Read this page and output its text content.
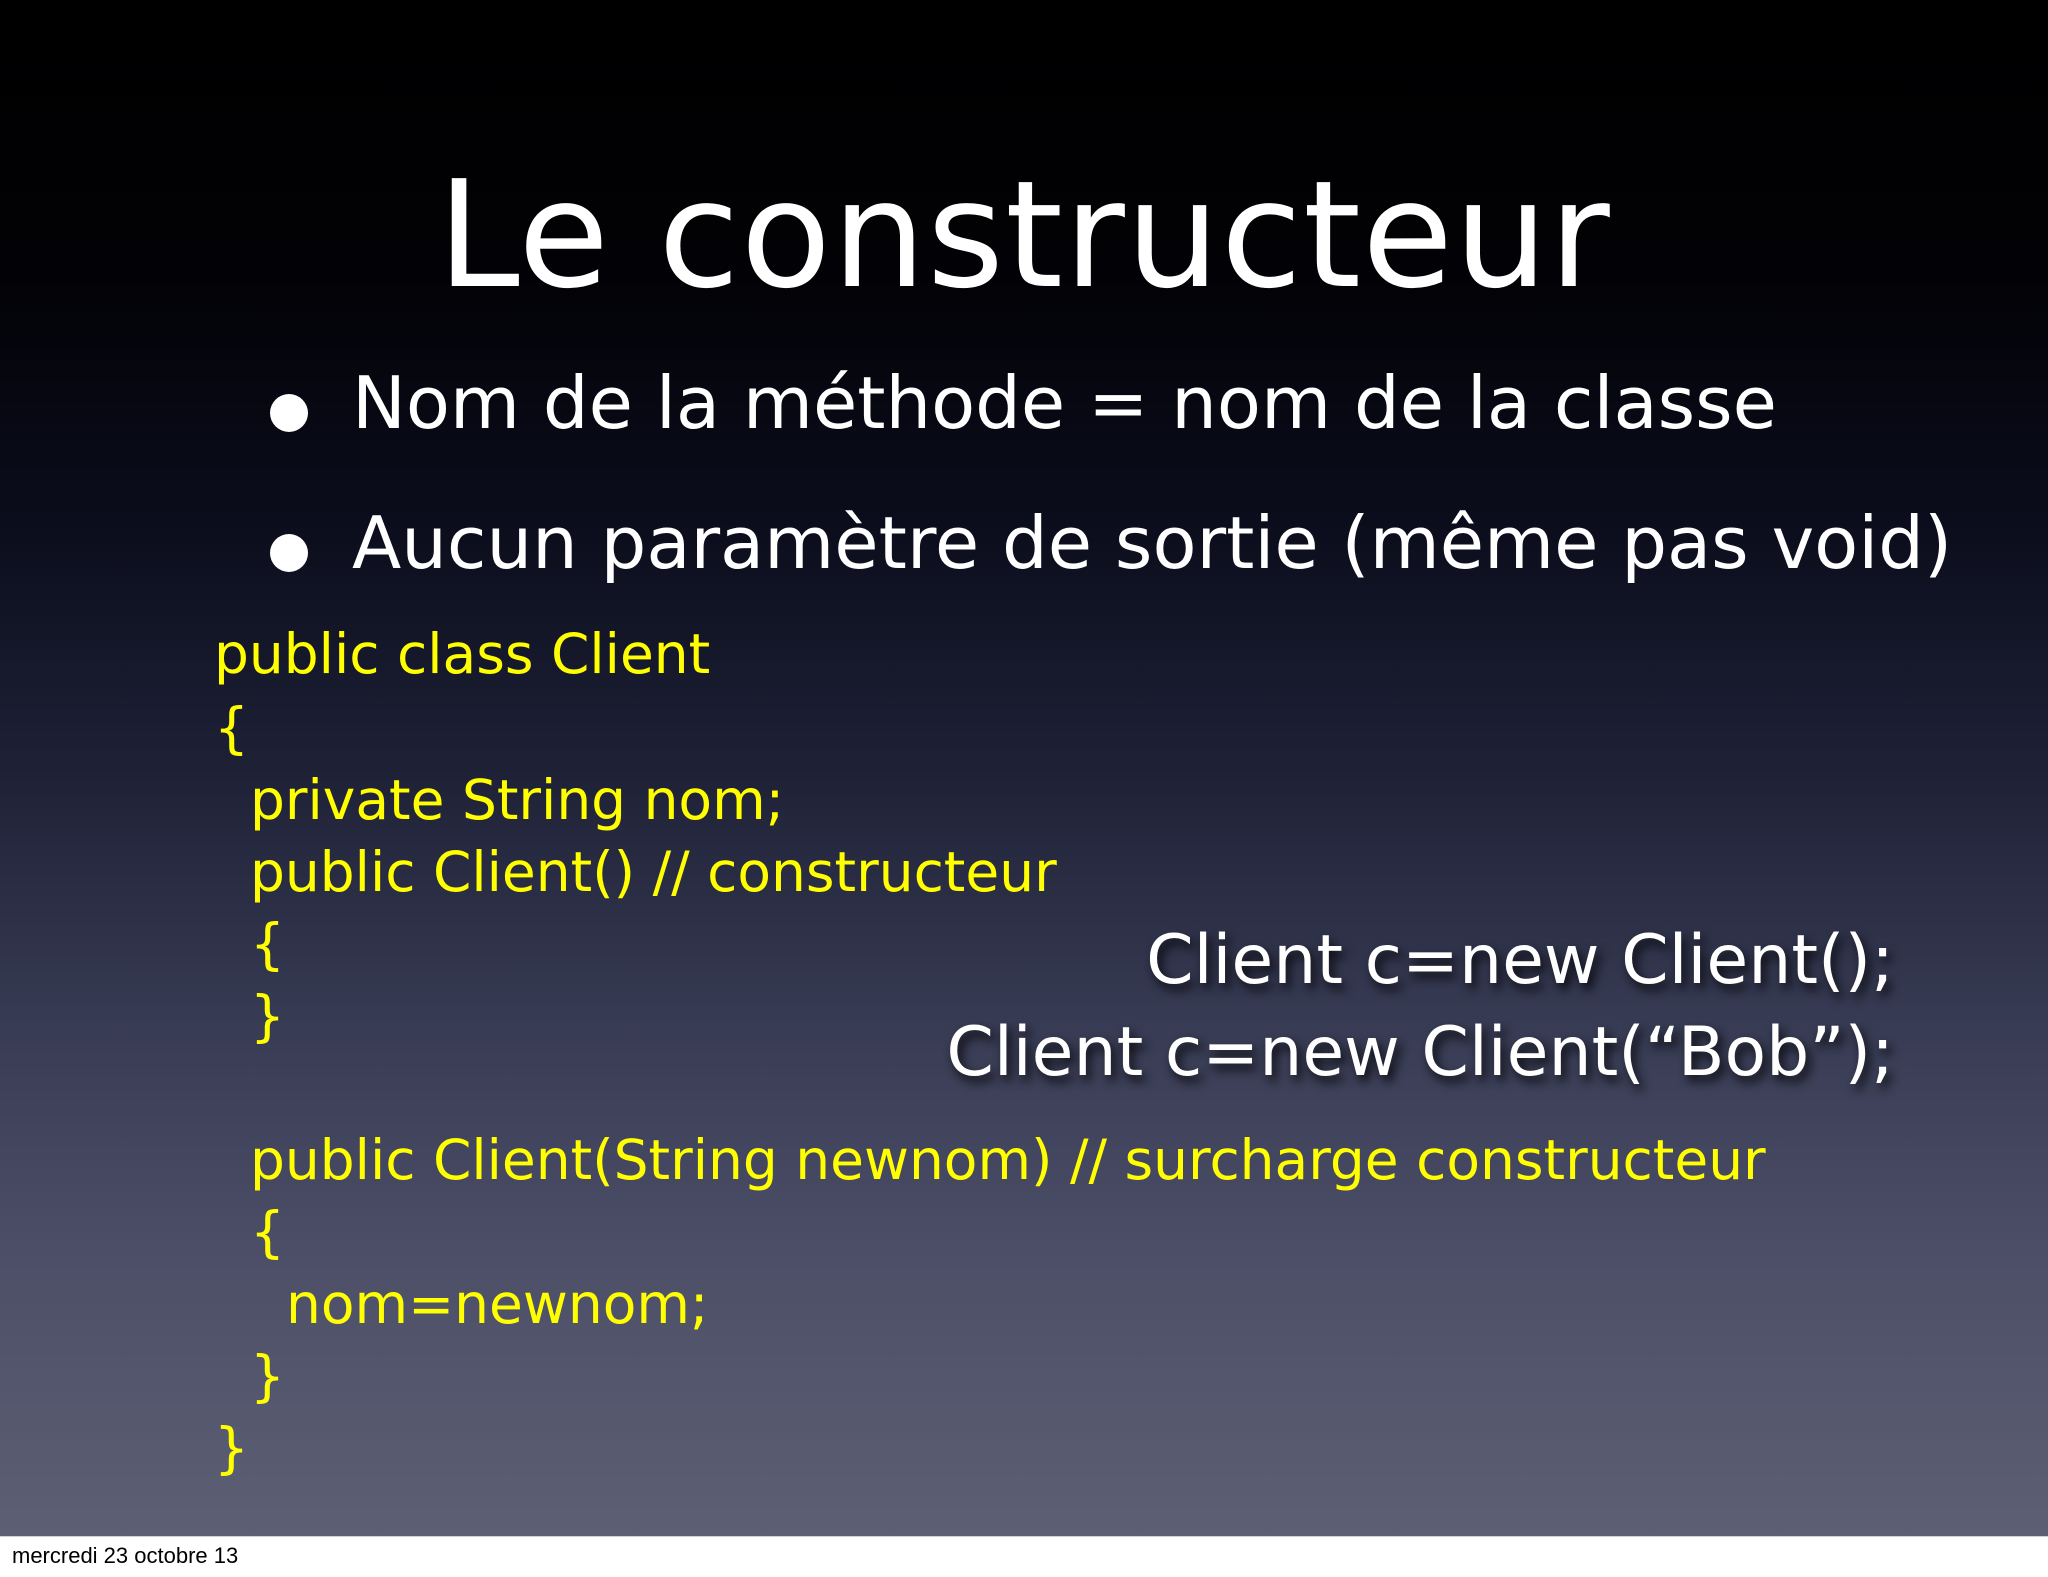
Le constructeur
Nom de la méthode = nom de la classe
Aucun paramètre de sortie (même pas void)
public class Client
{
private String nom;
public Client() // constructeur
{
}
public Client(String newnom) // surcharge constructeur
{
nom=newnom;
}
}
Client c=new Client();
Client c=new Client(“Bob”);
mercredi 23 octobre 13
